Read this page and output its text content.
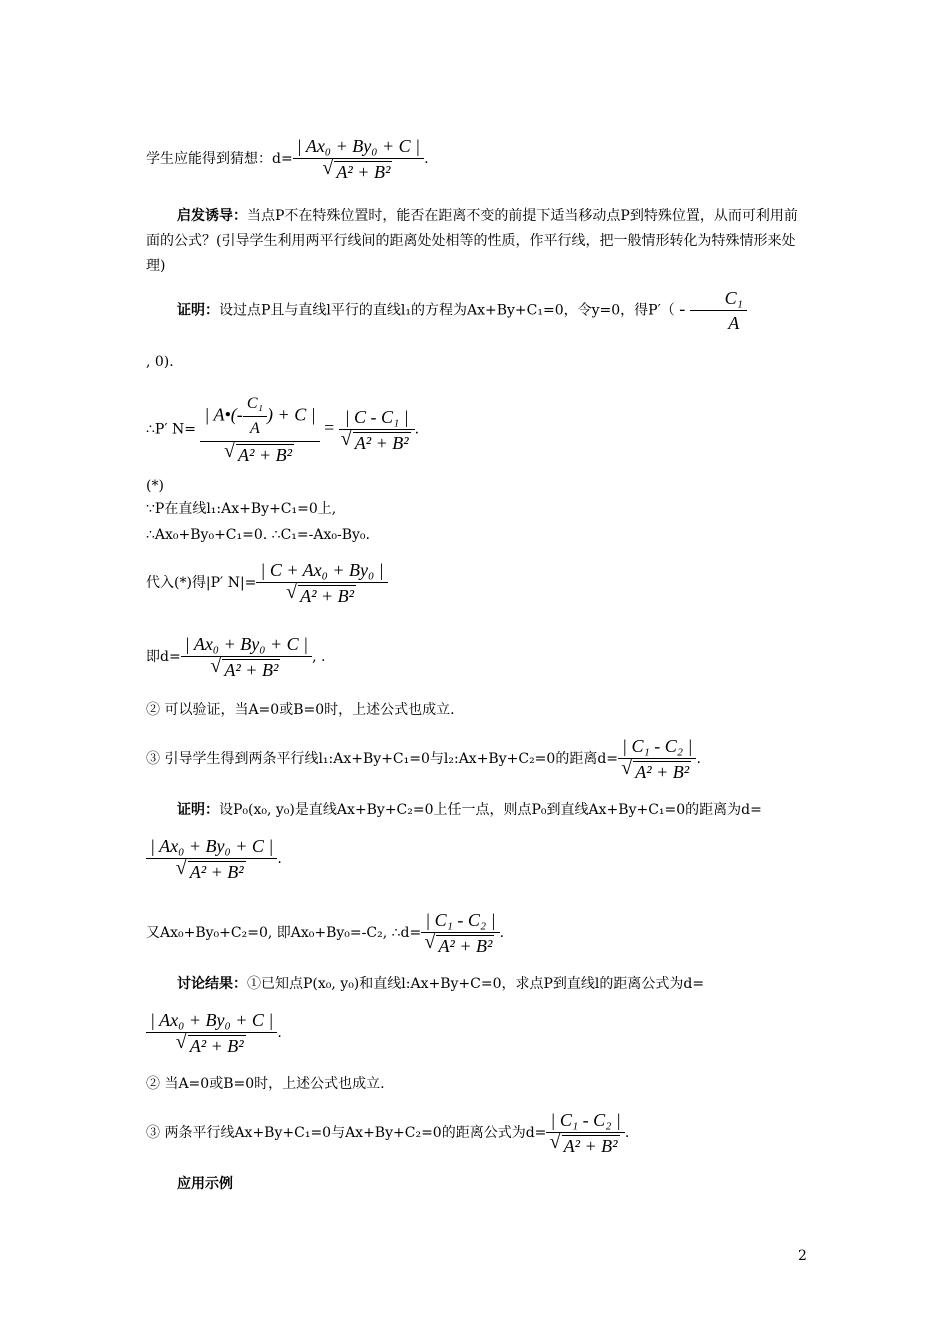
学生应能得到猜想：d= | Ax₀ + By₀ + C |
√ A² + B² .
启发诱导：当点P不在特殊位置时，能否在距离不变的前提下适当移动点P到特殊位置，从而可利用前面的公式？(引导学生利用两平行线间的距离处处相等的性质，作平行线，把一般情形转化为特殊情形来处理)
证明：设过点P且与直线l平行的直线l₁的方程为Ax+By+C₁=0，令y=0，得$P'( - \frac{\text{C₁}}{A}$
, 0).
∴P′ N= | A•(- $\frac{\text{C₁}}{A}$ ) + C |
√ A² + B² = | C - C₁ |
√ A² + B² .
(*)
∵P在直线l₁:Ax+By+C₁=0上,
∴Ax₀+By₀+C₁=0. ∴C₁=-Ax₀-By₀.
代入(*)得|P′ N|= | C + Ax₀ + By₀ |
√ A² + B²
即d= | Ax₀ + By₀ + C |
√ A² + B² , .
② 可以验证，当A=0或B=0时，上述公式也成立.
③ 引导学生得到两条平行线l₁:Ax+By+C₁=0与l₂:Ax+By+C₂=0的距离d= | C₁ - C₂ |
√ A² + B² .
证明：设P₀(x₀, y₀)是直线Ax+By+C₂=0上任一点，则点P₀到直线Ax+By+C₁=0的距离为d=
| Ax₀ + By₀ + C |
√ A² + B² .
又Ax₀+By₀+C₂=0, 即Ax₀+By₀=-C₂, ∴d= | C₁ - C₂ |
√ A² + B² .
讨论结果：①已知点P(x₀, y₀)和直线l:Ax+By+C=0，求点P到直线l的距离公式为d=
| Ax₀ + By₀ + C |
√ A² + B² .
② 当A=0或B=0时，上述公式也成立.
③ 两条平行线Ax+By+C₁=0与Ax+By+C₂=0的距离公式为d= | C₁ - C₂ |
√ A² + B² .
应用示例
2
